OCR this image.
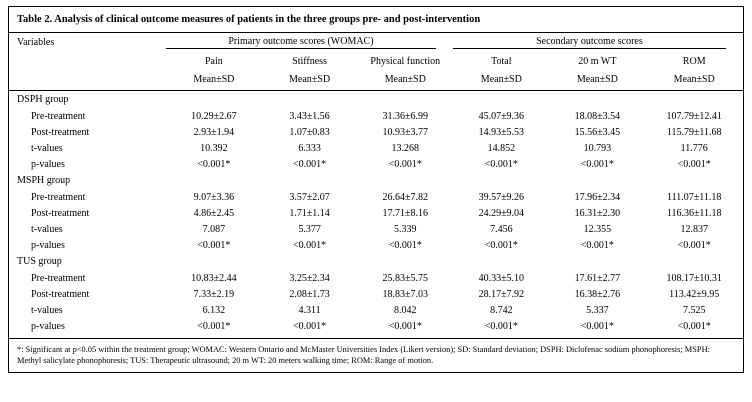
Table 2. Analysis of clinical outcome measures of patients in the three groups pre- and post-intervention
Variables	Primary outcome scores (WOMAC)			Secondary outcome scores		
	Pain	Stiffness	Physical function	Total	20 m WT	ROM
	Mean±SD	Mean±SD	Mean±SD	Mean±SD	Mean±SD	Mean±SD
DSPH group						
Pre-treatment	10.29±2.67	3.43±1.56	31.36±6.99	45.07±9.36	18.08±3.54	107.79±12.41
Post-treatment	2.93±1.94	1.07±0.83	10.93±3.77	14.93±5.53	15.56±3.45	115.79±11.68
t-values	10.392	6.333	13.268	14.852	10.793	11.776
p-values	<0.001*	<0.001*	<0.001*	<0.001*	<0.001*	<0.001*
MSPH group						
Pre-treatment	9.07±3.36	3.57±2.07	26.64±7.82	39.57±9.26	17.96±2.34	111.07±11.18
Post-treatment	4.86±2.45	1.71±1.14	17.71±8.16	24.29±9.04	16.31±2.30	116.36±11.18
t-values	7.087	5.377	5.339	7.456	12.355	12.837
p-values	<0.001*	<0.001*	<0.001*	<0.001*	<0.001*	<0.001*
TUS group						
Pre-treatment	10.83±2.44	3.25±2.34	25.83±5.75	40.33±5.10	17.61±2.77	108.17±10.31
Post-treatment	7.33±2.19	2.08±1.73	18.83±7.03	28.17±7.92	16.38±2.76	113.42±9.95
t-values	6.132	4.311	8.042	8.742	5.337	7.525
p-values	<0.001*	<0.001*	<0.001*	<0.001*	<0.001*	<0.001*

*: Significant at p<0.05 within the treatment group; WOMAC: Western Ontario and McMaster Universities Index (Likert version); SD: Standard deviation; DSPH: Diclofenac sodium phonophoresis; MSPH: Methyl salicylate phonophoresis; TUS: Therapeutic ultrasound; 20 m WT: 20 meters walking time; ROM: Range of motion.
